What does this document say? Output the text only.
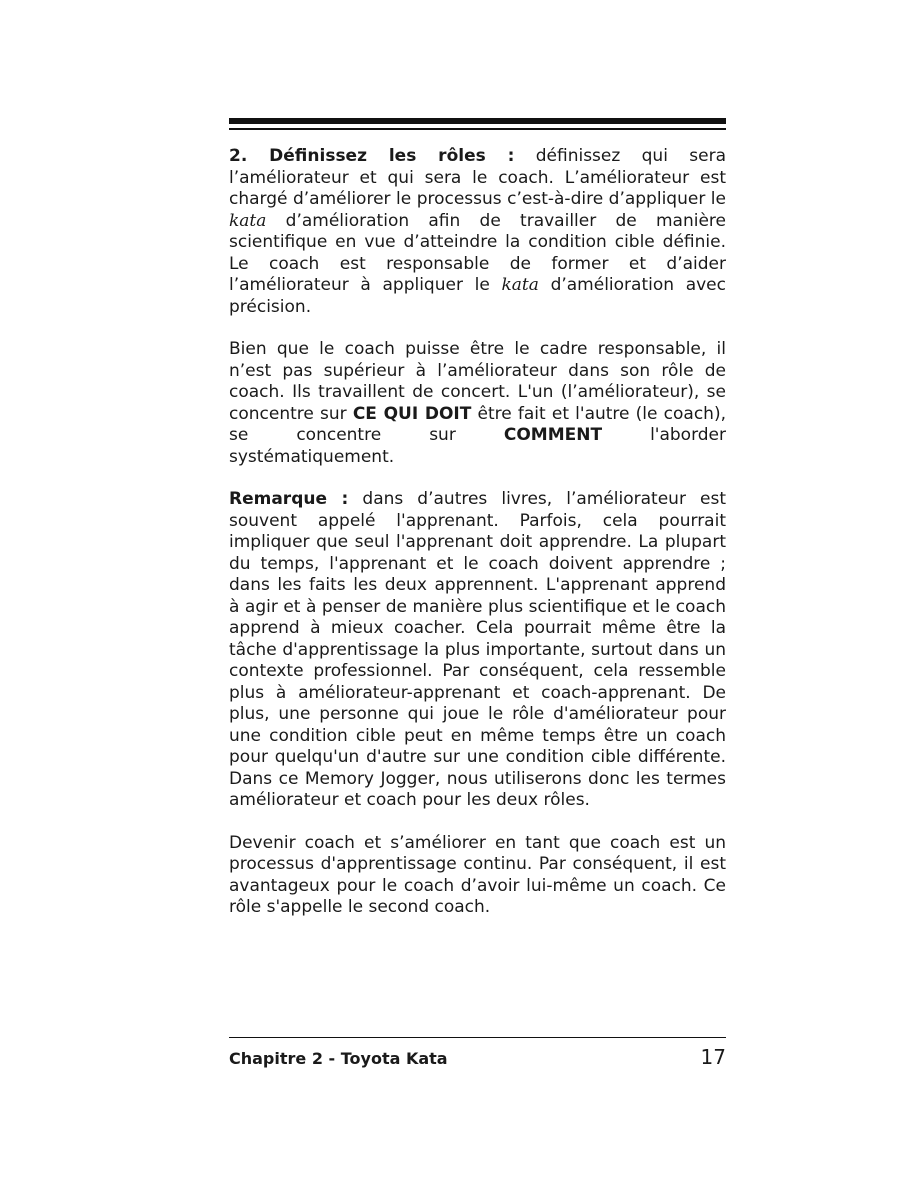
2. Définissez les rôles : définissez qui sera l’améliorateur et qui sera le coach. L’améliorateur est chargé d’améliorer le processus c’est-à-dire d’appliquer le kata d’amélioration afin de travailler de manière scientifique en vue d’atteindre la condition cible définie. Le coach est responsable de former et d’aider l’améliorateur à appliquer le kata d’amélioration avec précision.

Bien que le coach puisse être le cadre responsable, il n’est pas supérieur à l’améliorateur dans son rôle de coach. Ils travaillent de concert. L'un (l’améliorateur), se concentre sur CE QUI DOIT être fait et l'autre (le coach), se concentre sur COMMENT l'aborder systématiquement.

Remarque : dans d’autres livres, l’améliorateur est souvent appelé l'apprenant. Parfois, cela pourrait impliquer que seul l'apprenant doit apprendre. La plupart du temps, l'apprenant et le coach doivent apprendre ; dans les faits les deux apprennent. L'apprenant apprend à agir et à penser de manière plus scientifique et le coach apprend à mieux coacher. Cela pourrait même être la tâche d'apprentissage la plus importante, surtout dans un contexte professionnel. Par conséquent, cela ressemble plus à améliorateur-apprenant et coach-apprenant. De plus, une personne qui joue le rôle d'améliorateur pour une condition cible peut en même temps être un coach pour quelqu'un d'autre sur une condition cible différente. Dans ce Memory Jogger, nous utiliserons donc les termes améliorateur et coach pour les deux rôles.

Devenir coach et s’améliorer en tant que coach est un processus d'apprentissage continu. Par conséquent, il est avantageux pour le coach d’avoir lui-même un coach. Ce rôle s'appelle le second coach.

Chapitre 2 - Toyota Kata	17
